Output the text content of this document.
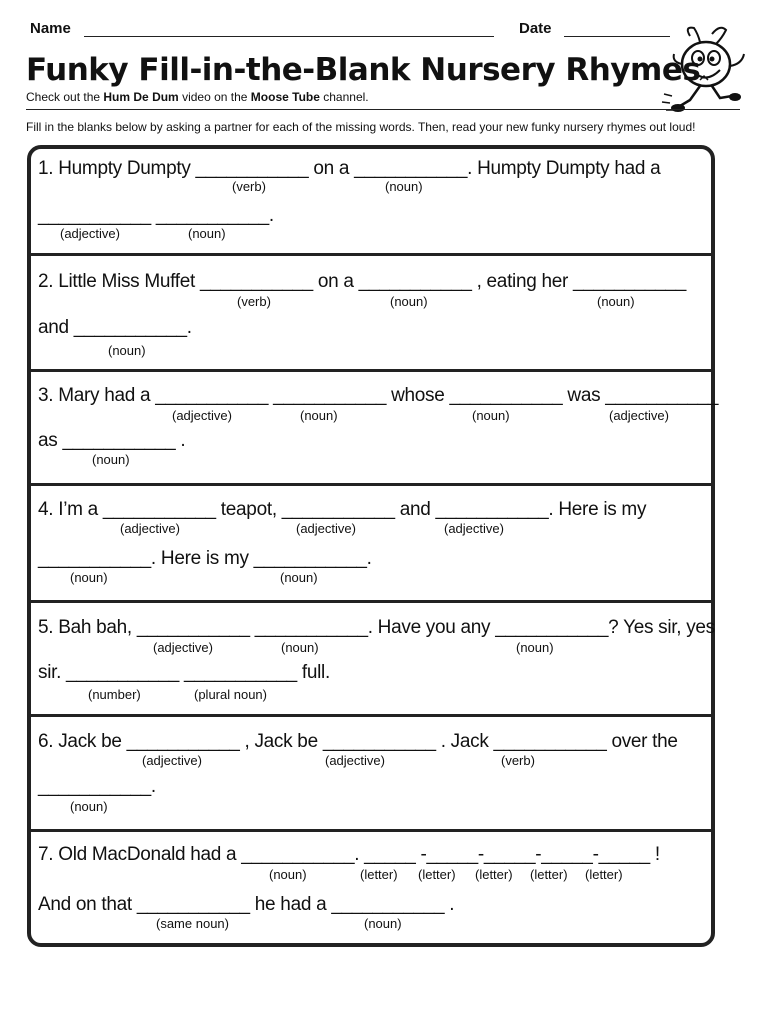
Name	Date
Funky Fill-in-the-Blank Nursery Rhymes
Check out the Hum De Dum video on the Moose Tube channel.
Fill in the blanks below by asking a partner for each of the missing words. Then, read your new funky nursery rhymes out loud!
1. Humpty Dumpty ___________ on a ___________. Humpty Dumpty had a
(verb)	(noun)
___________ ___________.
(adjective)	(noun)
2. Little Miss Muffet ___________ on a ___________ , eating her ___________
(verb)	(noun)	(noun)
and ___________.
(noun)
3. Mary had a ___________ ___________ whose ___________ was ___________
(adjective)	(noun)	(noun)	(adjective)
as ___________ .
(noun)
4. I’m a ___________ teapot, ___________ and ___________. Here is my
(adjective)	(adjective)	(adjective)
___________. Here is my ___________.
(noun)	(noun)
5. Bah bah, ___________ ___________. Have you any ___________? Yes sir, yes
(adjective)	(noun)	(noun)
sir. ___________ ___________ full.
(number)	(plural noun)
6. Jack be ___________ , Jack be ___________ . Jack ___________ over the
(adjective)	(adjective)	(verb)
___________.
(noun)
7. Old MacDonald had a ___________. _____ -_____-_____-_____-_____ !
(noun)	(letter) (letter) (letter) (letter) (letter)
And on that ___________ he had a ___________ .
(same noun)	(noun)
